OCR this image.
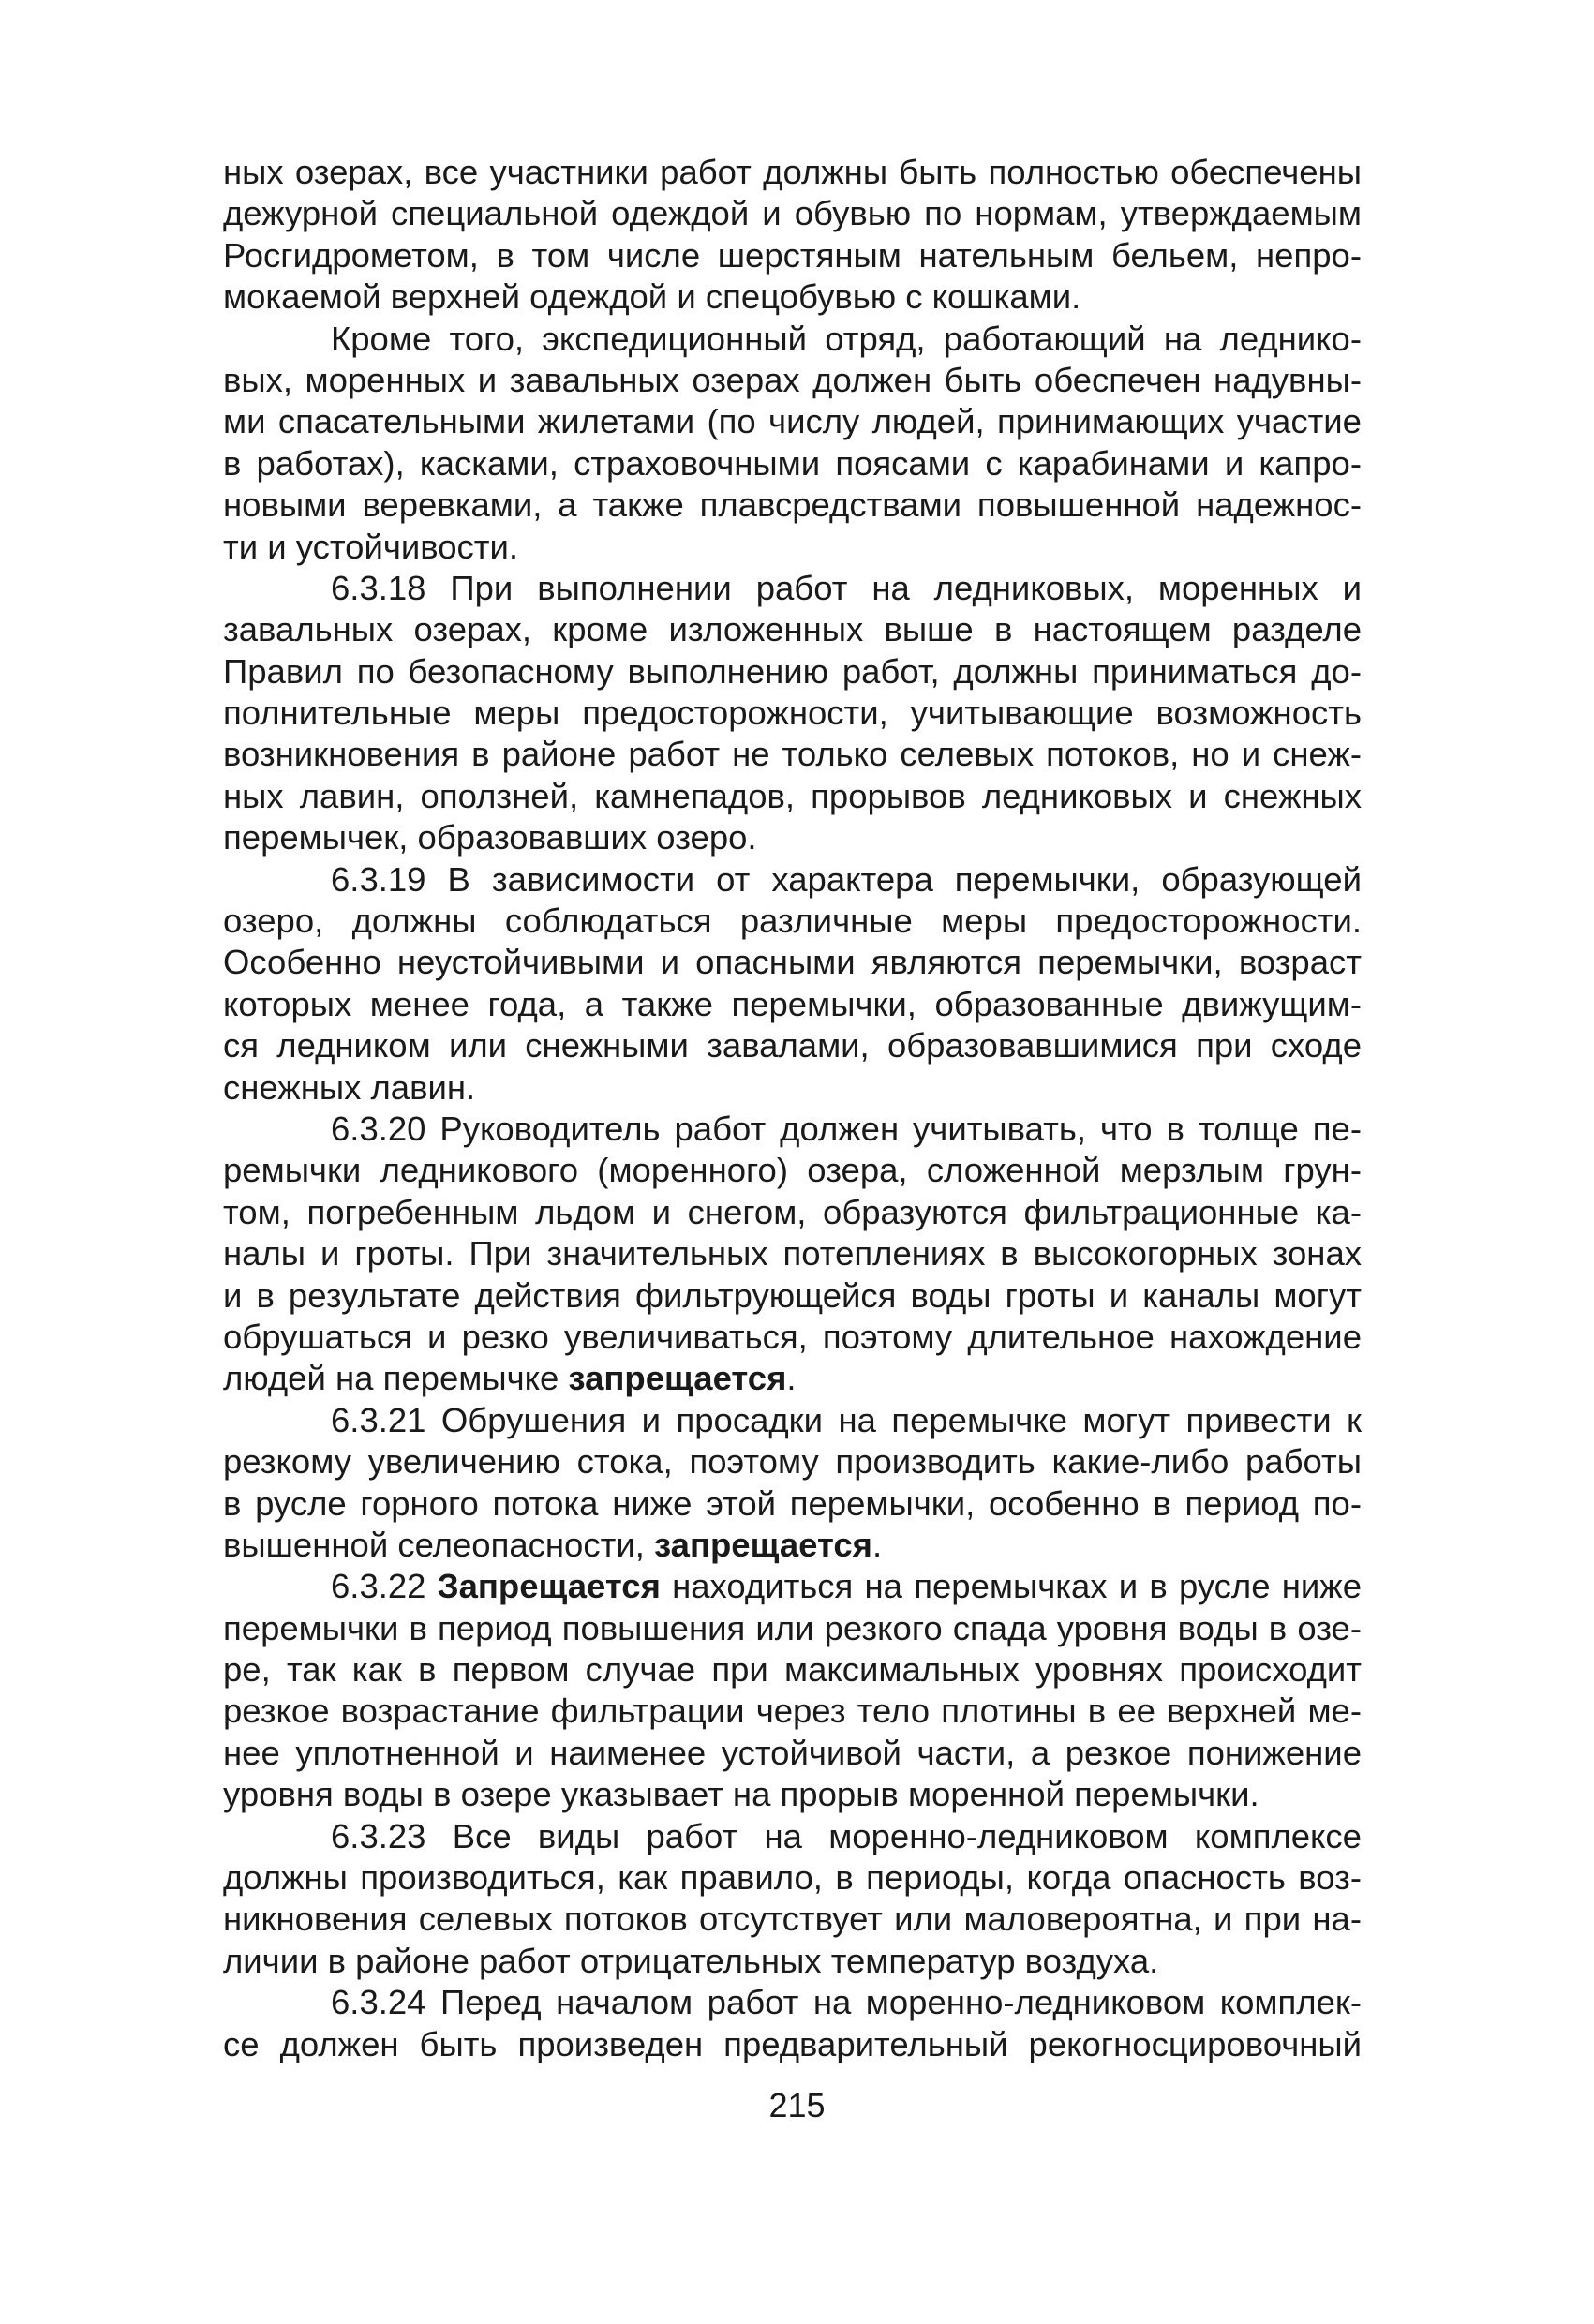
ных озерах, все участники работ должны быть полностью обеспечены
дежурной специальной одеждой и обувью по нормам, утверждаемым
Росгидрометом, в том числе шерстяным нательным бельем, непро-
мокаемой верхней одеждой и спецобувью с кошками.
Кроме того, экспедиционный отряд, работающий на леднико-
вых, моренных и завальных озерах должен быть обеспечен надувны-
ми спасательными жилетами (по числу людей, принимающих участие
в работах), касками, страховочными поясами с карабинами и капро-
новыми веревками, а также плавсредствами повышенной надежнос-
ти и устойчивости.
6.3.18 При выполнении работ на ледниковых, моренных и
завальных озерах, кроме изложенных выше в настоящем разделе
Правил по безопасному выполнению работ, должны приниматься до-
полнительные меры предосторожности, учитывающие возможность
возникновения в районе работ не только селевых потоков, но и снеж-
ных лавин, оползней, камнепадов, прорывов ледниковых и снежных
перемычек, образовавших озеро.
6.3.19 В зависимости от характера перемычки, образующей
озеро, должны соблюдаться различные меры предосторожности.
Особенно неустойчивыми и опасными являются перемычки, возраст
которых менее года, а также перемычки, образованные движущим-
ся ледником или снежными завалами, образовавшимися при сходе
снежных лавин.
6.3.20 Руководитель работ должен учитывать, что в толще пе-
ремычки ледникового (моренного) озера, сложенной мерзлым грун-
том, погребенным льдом и снегом, образуются фильтрационные ка-
налы и гроты. При значительных потеплениях в высокогорных зонах
и в результате действия фильтрующейся воды гроты и каналы могут
обрушаться и резко увеличиваться, поэтому длительное нахождение
людей на перемычке запрещается.
6.3.21 Обрушения и просадки на перемычке могут привести к
резкому увеличению стока, поэтому производить какие-либо работы
в русле горного потока ниже этой перемычки, особенно в период по-
вышенной селеопасности, запрещается.
6.3.22 Запрещается находиться на перемычках и в русле ниже
перемычки в период повышения или резкого спада уровня воды в озе-
ре, так как в первом случае при максимальных уровнях происходит
резкое возрастание фильтрации через тело плотины в ее верхней ме-
нее уплотненной и наименее устойчивой части, а резкое понижение
уровня воды в озере указывает на прорыв моренной перемычки.
6.3.23 Все виды работ на моренно-ледниковом комплексе
должны производиться, как правило, в периоды, когда опасность воз-
никновения селевых потоков отсутствует или маловероятна, и при на-
личии в районе работ отрицательных температур воздуха.
6.3.24 Перед началом работ на моренно-ледниковом комплек-
се должен быть произведен предварительный рекогносцировочный
215
